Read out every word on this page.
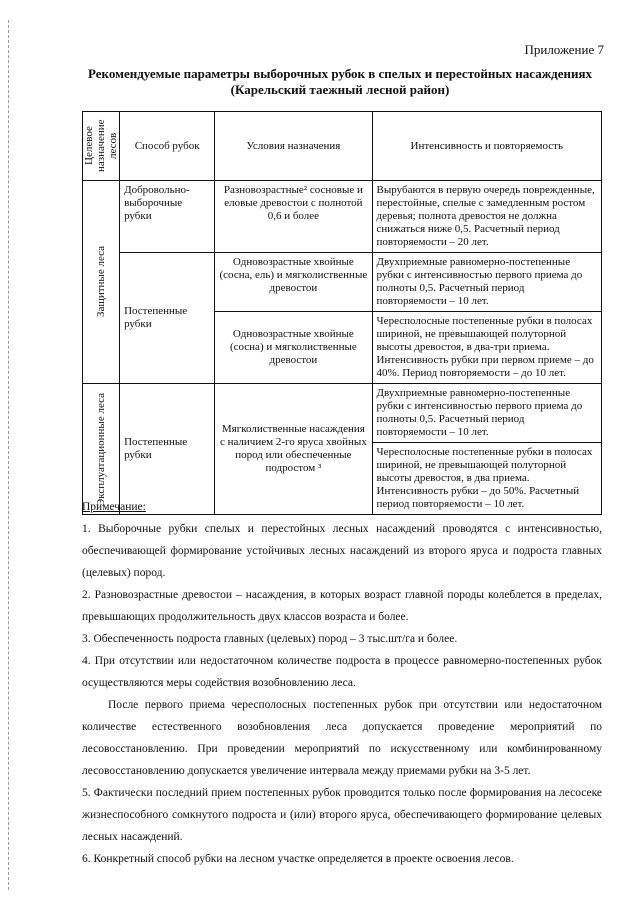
Приложение 7
Рекомендуемые параметры выборочных рубок в спелых и перестойных насаждениях
(Карельский таежный лесной район)
Целевое назначение лесов	Способ рубок	Условия назначения	Интенсивность и повторяемость

Защитные леса	Добровольно-выборочные рубки	Разновозрастные² сосновые и еловые древостои с полнотой 0,6 и более	Вырубаются в первую очередь поврежденные, перестойные, спелые с замедленным ростом деревья; полнота древостоя не должна снижаться ниже 0,5. Расчетный период повторяемости – 20 лет.
	Постепенные рубки	Одновозрастные хвойные (сосна, ель) и мягколиственные древостои	Двухприемные равномерно-постепенные рубки с интенсивностью первого приема до полноты 0,5. Расчетный период повторяемости – 10 лет.
		Одновозрастные хвойные (сосна) и мягколиственные древостои	Чересполосные постепенные рубки в полосах шириной, не превышающей полуторной высоты древостоя, в два-три приема. Интенсивность рубки при первом приеме – до 40%. Период повторяемости – до 10 лет.

Эксплуатационные леса	Постепенные рубки	Мягколиственные насаждения с наличием 2-го яруса хвойных пород или обеспеченные подростом ³	Двухприемные равномерно-постепенные рубки с интенсивностью первого приема до полноты 0,5. Расчетный период повторяемости – 10 лет.
			Чересполосные постепенные рубки в полосах шириной, не превышающей полуторной высоты древостоя, в два приема. Интенсивность рубки – до 50%. Расчетный период повторяемости – 10 лет.

Примечание:

1. Выборочные рубки спелых и перестойных лесных насаждений проводятся с интенсивностью, обеспечивающей формирование устойчивых лесных насаждений из второго яруса и подроста главных (целевых) пород.

2. Разновозрастные древостои – насаждения, в которых возраст главной породы колеблется в пределах, превышающих продолжительность двух классов возраста и более.

3. Обеспеченность подроста главных (целевых) пород – 3 тыс.шт/га и более.

4. При отсутствии или недостаточном количестве подроста в процессе равномерно-постепенных рубок осуществляются меры содействия возобновлению леса.

После первого приема чересполосных постепенных рубок при отсутствии или недостаточном количестве естественного возобновления леса допускается проведение мероприятий по лесовосстановлению. При проведении мероприятий по искусственному или комбинированному лесовосстановлению допускается увеличение интервала между приемами рубки на 3-5 лет.

5. Фактически последний прием постепенных рубок проводится только после формирования на лесосеке жизнеспособного сомкнутого подроста и (или) второго яруса, обеспечивающего формирование целевых лесных насаждений.

6. Конкретный способ рубки на лесном участке определяется в проекте освоения лесов.
